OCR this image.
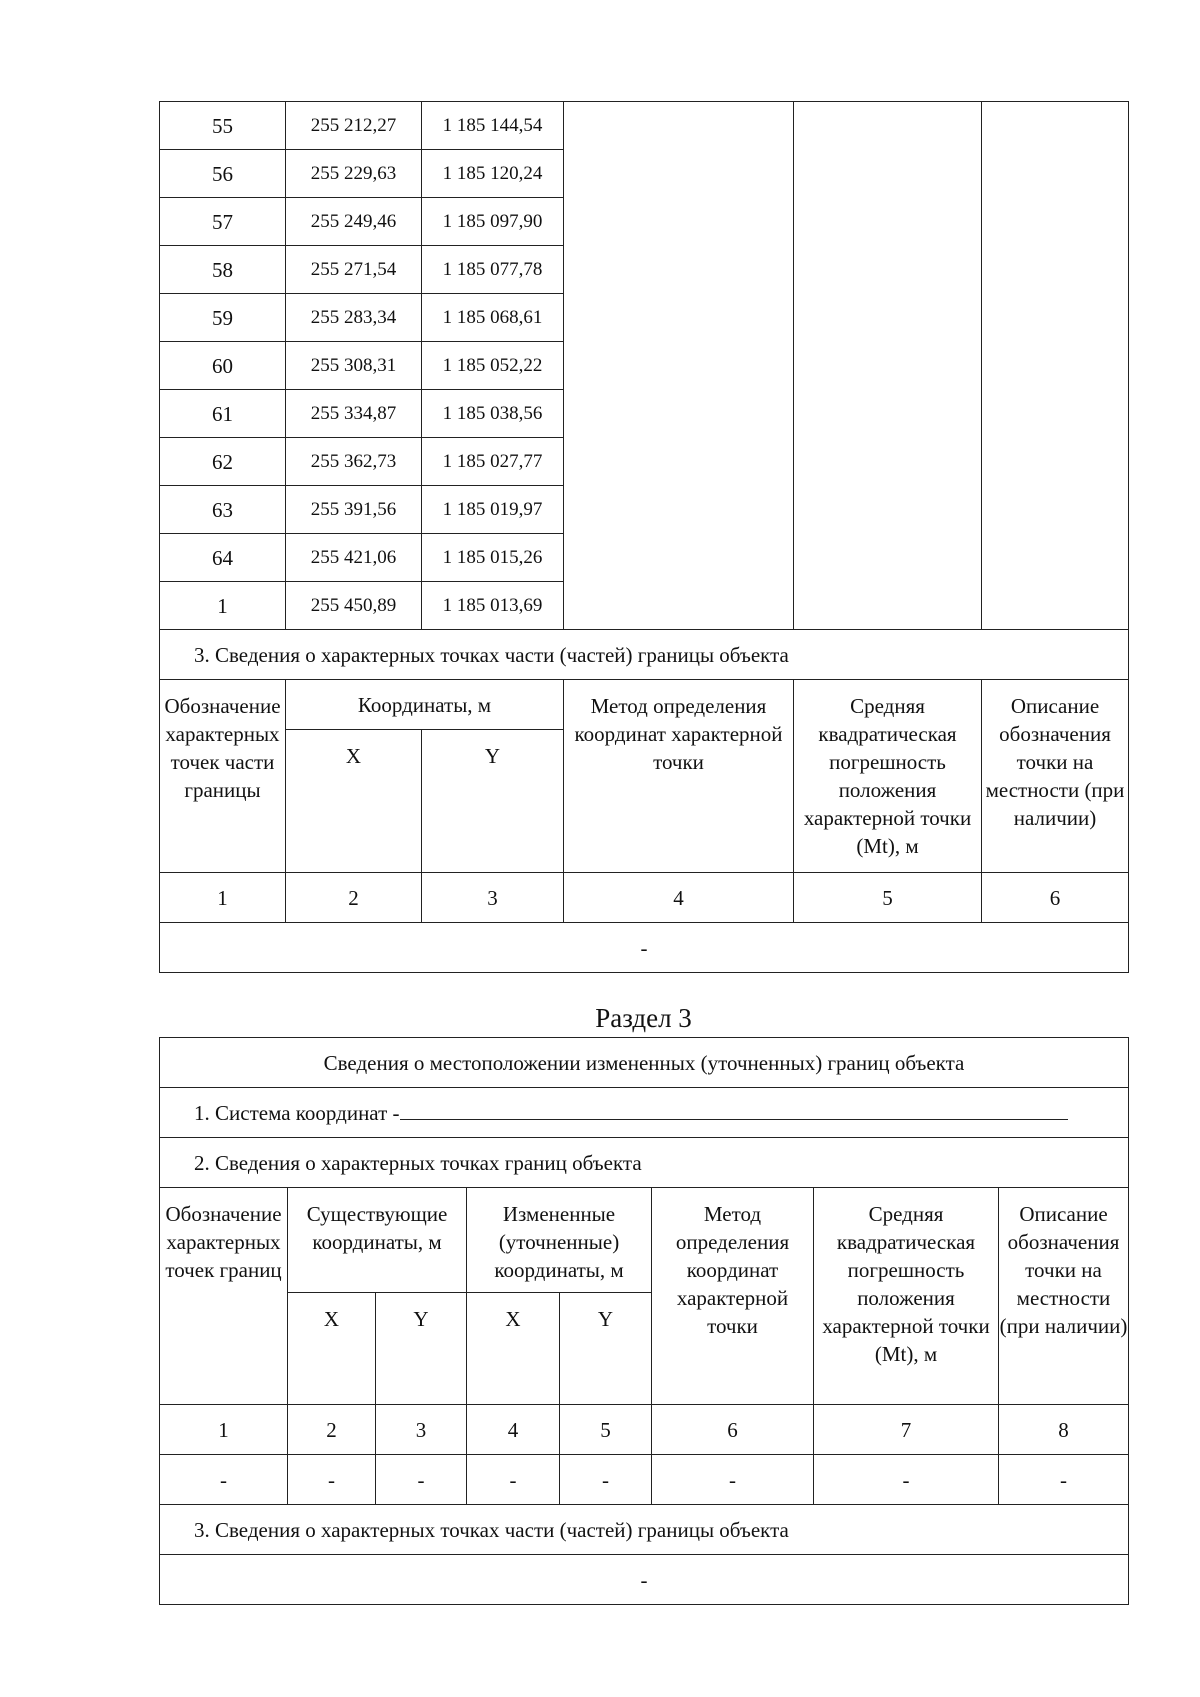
55	255 212,27	1 185 144,54			
56	255 229,63	1 185 120,24			
57	255 249,46	1 185 097,90			
58	255 271,54	1 185 077,78			
59	255 283,34	1 185 068,61			
60	255 308,31	1 185 052,22			
61	255 334,87	1 185 038,56			
62	255 362,73	1 185 027,77			
63	255 391,56	1 185 019,97			
64	255 421,06	1 185 015,26			
1	255 450,89	1 185 013,69			
3. Сведения о характерных точках части (частей) границы объекта					
Обозначение характерных точек части границы	Координаты, м		Метод определения координат характерной точки	Средняя квадратическая погрешность положения характерной точки (Mt), м	Описание обозначения точки на местности (при наличии)
	X	Y			
1	2	3	4	5	6
-					
Раздел 3
Сведения о местоположении измененных (уточненных) границ объекта							
1. Система координат -							
2. Сведения о характерных точках границ объекта							
Обозначение характерных точек границ	Существующие координаты, м		Измененные (уточненные) координаты, м		Метод определения координат характерной точки	Средняя квадратическая погрешность положения характерной точки (Mt), м	Описание обозначения точки на местности (при наличии)
	X	Y	X	Y			
1	2	3	4	5	6	7	8
-	-	-	-	-	-	-	-
3. Сведения о характерных точках части (частей) границы объекта							
-							
